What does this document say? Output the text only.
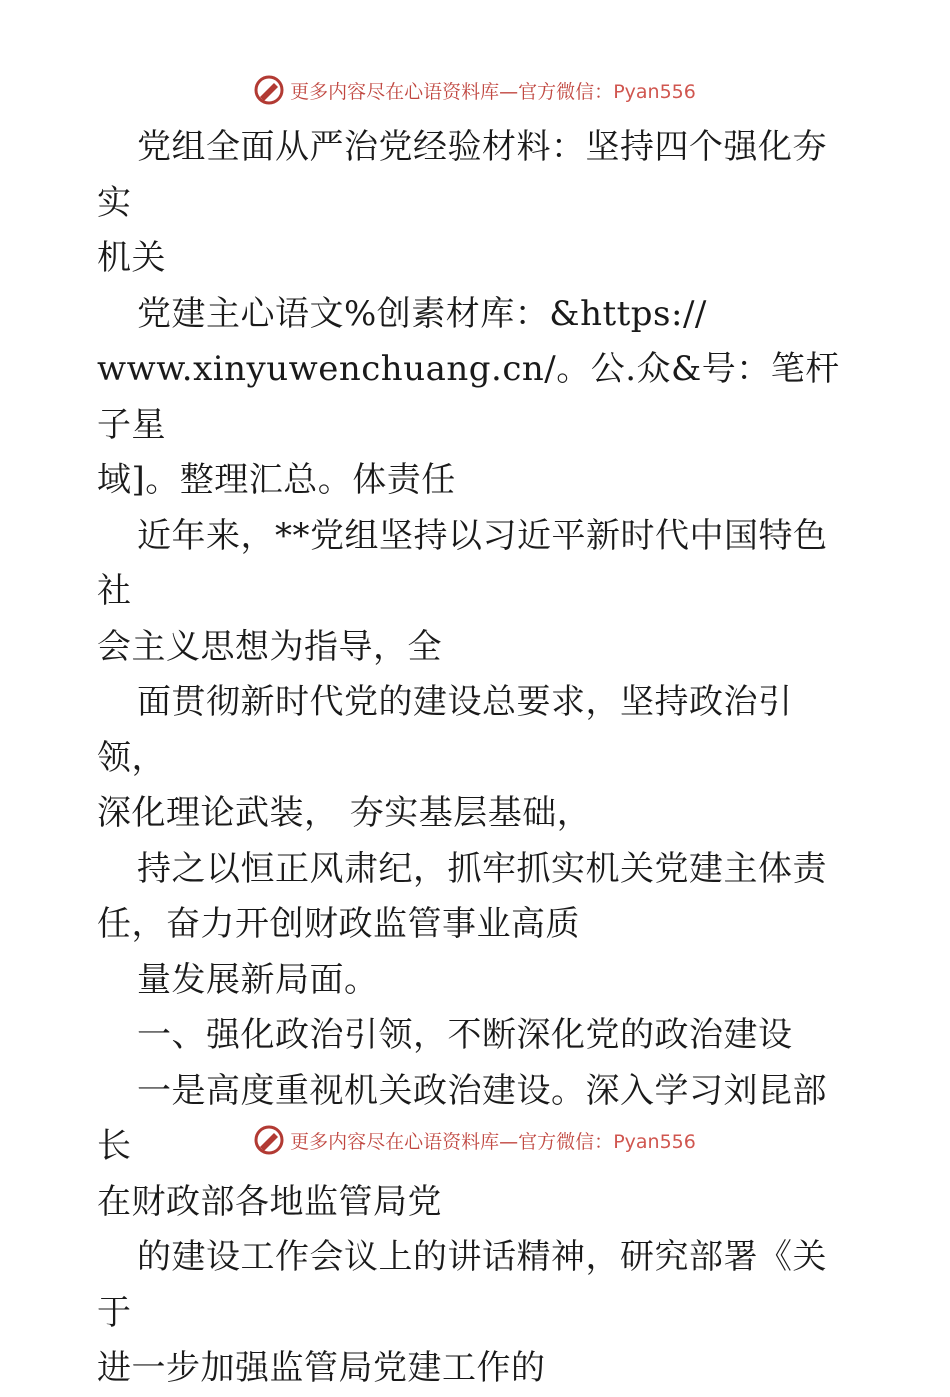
更多内容尽在心语资料库—官方微信：Pyan556

党组全面从严治党经验材料：坚持四个强化夯实

机关

党建主心语文%创素材库：&https://

www.xinyuwenchuang.cn/。公.众&号：笔杆子星

域]。整理汇总。体责任

近年来，**党组坚持以习近平新时代中国特色社

会主义思想为指导，全

面贯彻新时代党的建设总要求，坚持政治引领，

深化理论武装， 夯实基层基础，

持之以恒正风肃纪，抓牢抓实机关党建主体责

任，奋力开创财政监管事业高质

量发展新局面。

一、强化政治引领，不断深化党的政治建设

一是高度重视机关政治建设。深入学习刘昆部长

在财政部各地监管局党

的建设工作会议上的讲话精神，研究部署《关于

进一步加强监管局党建工作的

更多内容尽在心语资料库—官方微信：Pyan556
